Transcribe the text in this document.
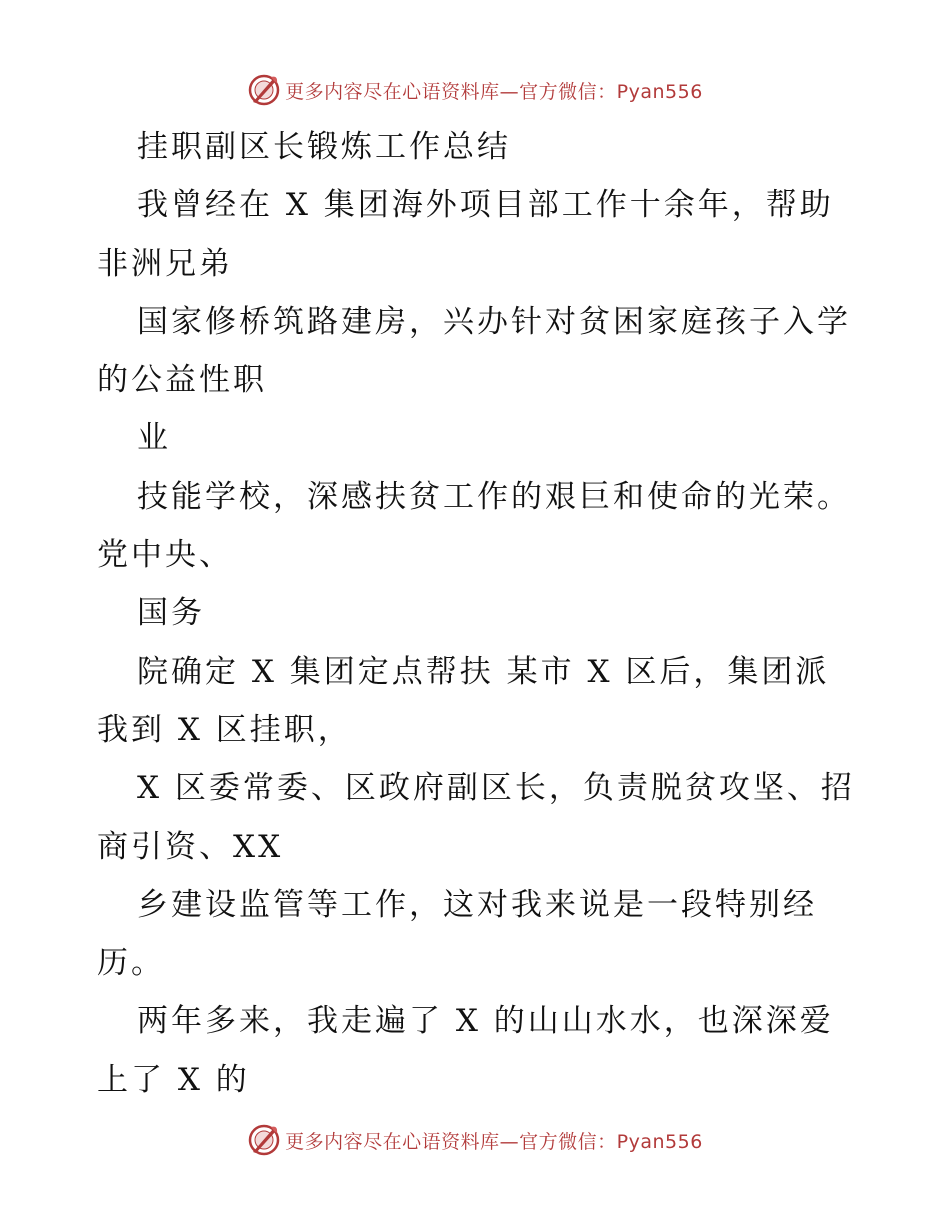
更多内容尽在心语资料库—官方微信：Pyan556
挂职副区长锻炼工作总结
我曾经在 X 集团海外项目部工作十余年，帮助
非洲兄弟
国家修桥筑路建房，兴办针对贫困家庭孩子入学
的公益性职
业
技能学校，深感扶贫工作的艰巨和使命的光荣。
党中央、
国务
院确定 X 集团定点帮扶 某市 X 区后，集团派
我到 X 区挂职，
X 区委常委、区政府副区长，负责脱贫攻坚、招
商引资、XX
乡建设监管等工作，这对我来说是一段特别经
历。
两年多来，我走遍了 X 的山山水水，也深深爱
上了 X 的
更多内容尽在心语资料库—官方微信：Pyan556
